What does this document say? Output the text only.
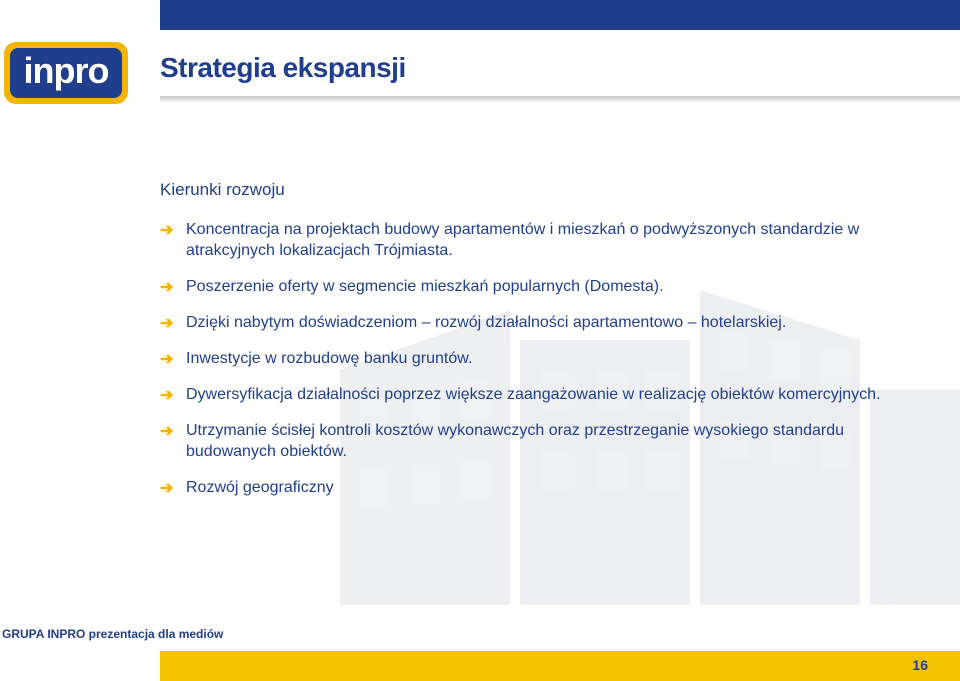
inpro Strategia ekspansji
Kierunki rozwoju
➔ Koncentracja na projektach budowy apartamentów i mieszkań o podwyższonych standardzie w atrakcyjnych lokalizacjach Trójmiasta.
➔ Poszerzenie oferty w segmencie mieszkań popularnych (Domesta).
➔ Dzięki nabytym doświadczeniom – rozwój działalności apartamentowo – hotelarskiej.
➔ Inwestycje w rozbudowę banku gruntów.
➔ Dywersyfikacja działalności poprzez większe zaangażowanie w realizację obiektów komercyjnych.
➔ Utrzymanie ścisłej kontroli kosztów wykonawczych oraz przestrzeganie wysokiego standardu budowanych obiektów.
➔ Rozwój geograficzny
GRUPA INPRO prezentacja dla mediów
16
